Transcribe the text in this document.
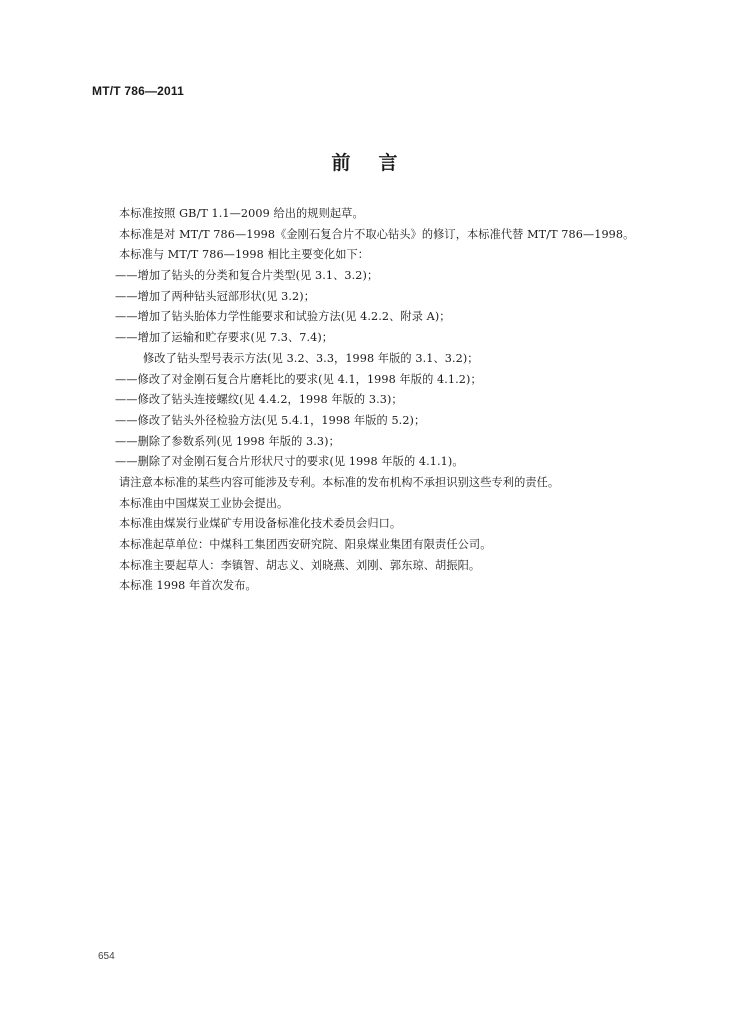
MT/T 786—2011
前言
本标准按照 GB/T 1.1—2009 给出的规则起草。
本标准是对 MT/T 786—1998《金刚石复合片不取心钻头》的修订，本标准代替 MT/T 786—1998。
本标准与 MT/T 786—1998 相比主要变化如下：
——增加了钻头的分类和复合片类型(见 3.1、3.2)；
——增加了两种钻头冠部形状(见 3.2)；
——增加了钻头胎体力学性能要求和试验方法(见 4.2.2、附录 A)；
——增加了运输和贮存要求(见 7.3、7.4)；
修改了钻头型号表示方法(见 3.2、3.3，1998 年版的 3.1、3.2)；
——修改了对金刚石复合片磨耗比的要求(见 4.1，1998 年版的 4.1.2)；
——修改了钻头连接螺纹(见 4.4.2，1998 年版的 3.3)；
——修改了钻头外径检验方法(见 5.4.1，1998 年版的 5.2)；
——删除了参数系列(见 1998 年版的 3.3)；
——删除了对金刚石复合片形状尺寸的要求(见 1998 年版的 4.1.1)。
请注意本标准的某些内容可能涉及专利。本标准的发布机构不承担识别这些专利的责任。
本标准由中国煤炭工业协会提出。
本标准由煤炭行业煤矿专用设备标准化技术委员会归口。
本标准起草单位：中煤科工集团西安研究院、阳泉煤业集团有限责任公司。
本标准主要起草人：李镇智、胡志义、刘晓燕、刘刚、郭东琼、胡振阳。
本标准 1998 年首次发布。
654
